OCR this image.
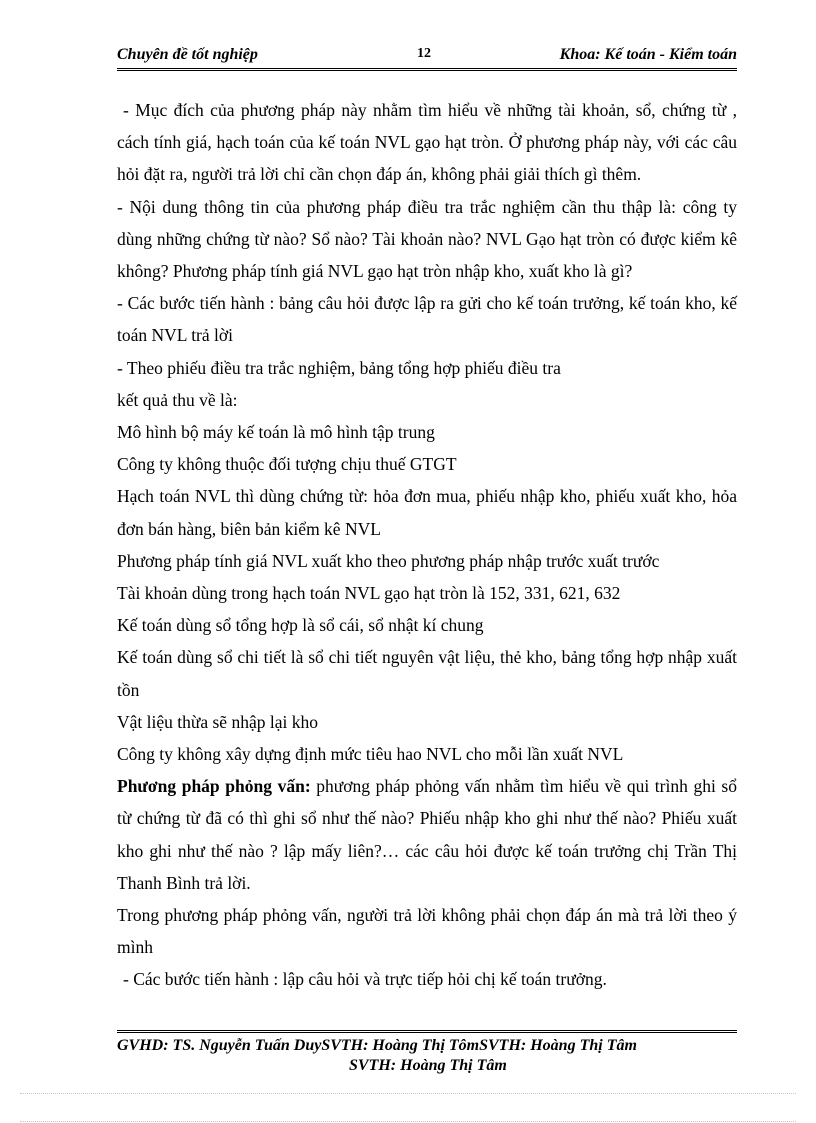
Chuyên đề tốt nghiệp	12	Khoa: Kế toán - Kiểm toán

- Mục đích của phương pháp này nhằm tìm hiểu về những tài khoản, sổ, chứng từ , cách tính giá, hạch toán của kế toán NVL gạo hạt tròn. Ở phương pháp này, với các câu hỏi đặt ra, người trả lời chỉ cần chọn đáp án, không phải giải thích gì thêm.

- Nội dung thông tin của phương pháp điều tra trắc nghiệm cần thu thập là: công ty dùng những chứng từ nào? Sổ nào? Tài khoản nào? NVL Gạo hạt tròn có được kiểm kê không? Phương pháp tính giá NVL gạo hạt tròn nhập kho, xuất kho là gì?

- Các bước tiến hành : bảng câu hỏi được lập ra gửi cho kế toán trưởng, kế toán kho, kế toán NVL trả lời

- Theo phiếu điều tra trắc nghiệm, bảng tổng hợp phiếu điều tra

kết quả thu về là:

Mô hình bộ máy kế toán là mô hình tập trung

Công ty không thuộc đối tượng chịu thuế GTGT

Hạch toán NVL thì dùng chứng từ: hỏa đơn mua, phiếu nhập kho, phiếu xuất kho, hỏa đơn bán hàng, biên bản kiểm kê NVL

Phương pháp tính giá NVL xuất kho theo phương pháp nhập trước xuất trước

Tài khoản dùng trong hạch toán NVL gạo hạt tròn là 152, 331, 621, 632

Kế toán dùng sổ tổng hợp là sổ cái, sổ nhật kí chung

Kế toán dùng sổ chi tiết là sổ chi tiết nguyên vật liệu, thẻ kho, bảng tổng hợp nhập xuất tồn

Vật liệu thừa sẽ nhập lại kho

Công ty không xây dựng định mức tiêu hao NVL cho mỗi lần xuất NVL

Phương pháp phỏng vấn: phương pháp phỏng vấn nhằm tìm hiểu về qui trình ghi sổ từ chứng từ đã có thì ghi sổ như thế nào? Phiếu nhập kho ghi như thế nào? Phiếu xuất kho ghi như thế nào ? lập mấy liên?… các câu hỏi được kế toán trưởng chị Trần Thị Thanh Bình trả lời.

Trong phương pháp phỏng vấn, người trả lời không phải chọn đáp án mà trả lời theo ý mình

- Các bước tiến hành : lập câu hỏi và trực tiếp hỏi chị kế toán trưởng.

GVHD: TS. Nguyễn Tuấn DuySVTH: Hoàng Thị TômSVTH: Hoàng Thị Tâm
SVTH: Hoàng Thị Tâm
